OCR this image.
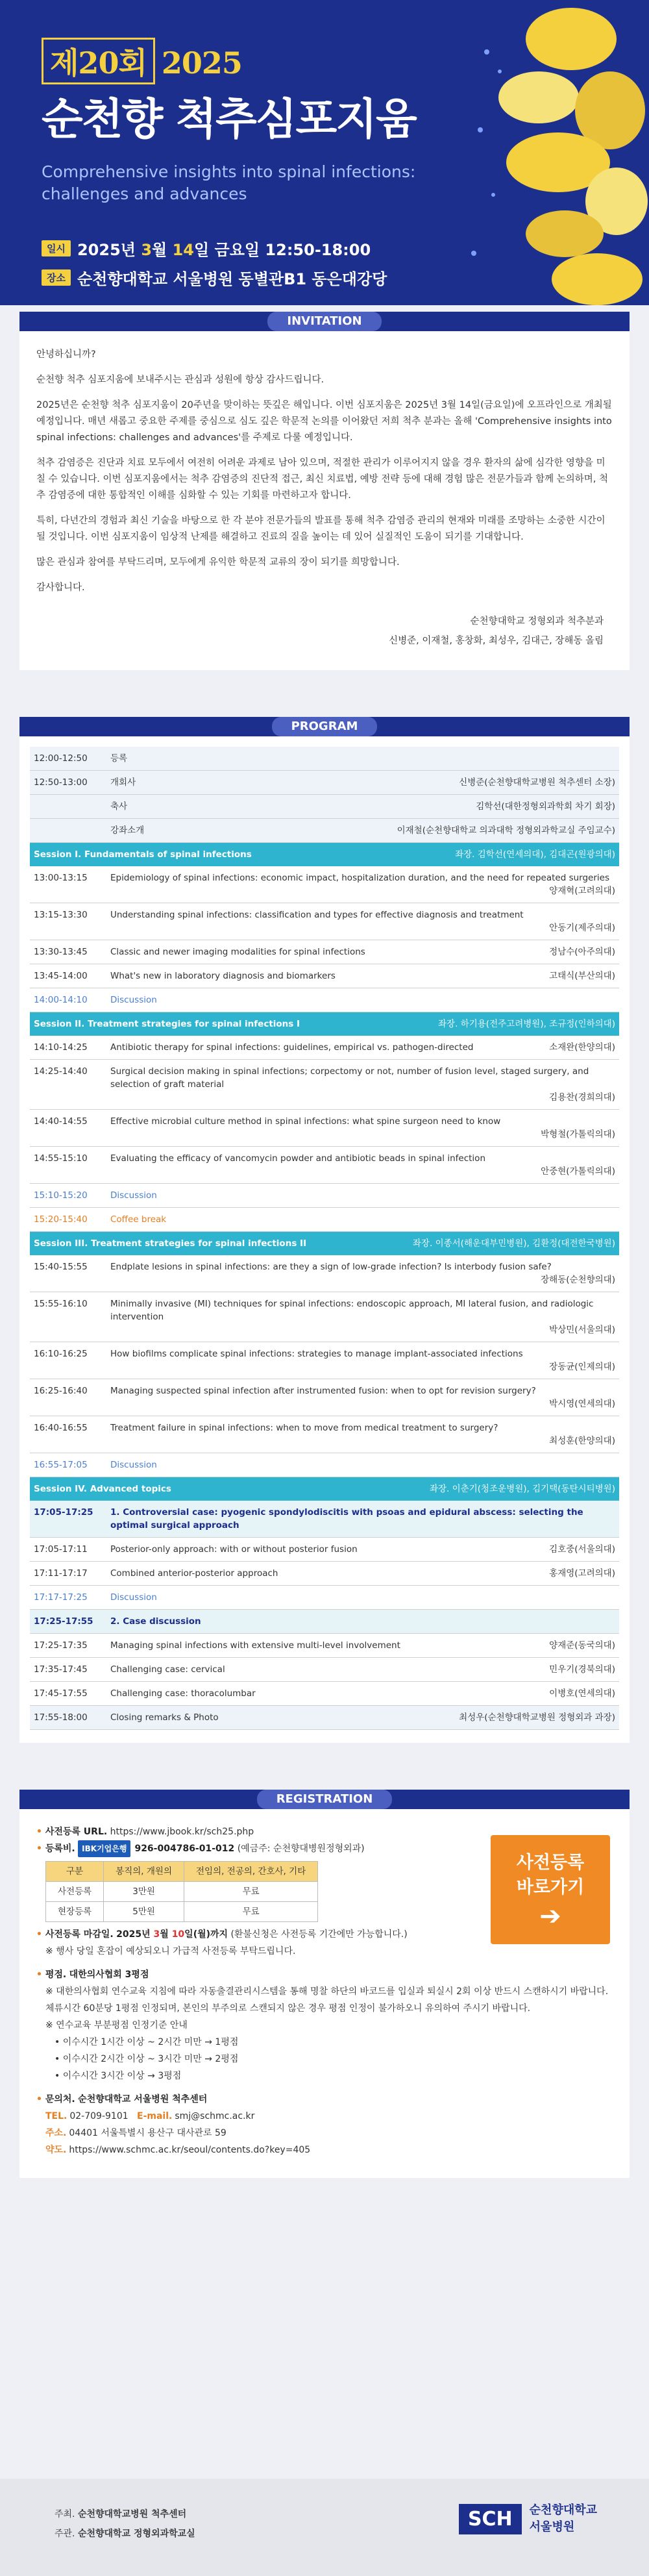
제20회 2025
순천향 척추심포지움
Comprehensive insights into spinal infections:
challenges and advances
일시 2025년 3월 14일 금요일 12:50-18:00
장소 순천향대학교 서울병원 동별관B1 동은대강당
INVITATION

안녕하십니까?

순천향 척추 심포지움에 보내주시는 관심과 성원에 항상 감사드립니다.

2025년은 순천향 척추 심포지움이 20주년을 맞이하는 뜻깊은 해입니다. 이번 심포지움은 2025년 3월 14일(금요일)에 오프라인으로 개최될 예정입니다. 매년 새롭고 중요한 주제를 중심으로 심도 깊은 학문적 논의를 이어왔던 저희 척추 분과는 올해 'Comprehensive insights into spinal infections: challenges and advances'를 주제로 다룰 예정입니다.

척추 감염증은 진단과 치료 모두에서 여전히 어려운 과제로 남아 있으며, 적절한 관리가 이루어지지 않을 경우 환자의 삶에 심각한 영향을 미칠 수 있습니다. 이번 심포지움에서는 척추 감염증의 진단적 접근, 최신 치료법, 예방 전략 등에 대해 경험 많은 전문가들과 함께 논의하며, 척추 감염증에 대한 통합적인 이해를 심화할 수 있는 기회를 마련하고자 합니다.

특히, 다년간의 경험과 최신 기술을 바탕으로 한 각 분야 전문가들의 발표를 통해 척추 감염증 관리의 현재와 미래를 조망하는 소중한 시간이 될 것입니다. 이번 심포지움이 임상적 난제를 해결하고 진료의 질을 높이는 데 있어 실질적인 도움이 되기를 기대합니다.

많은 관심과 참여를 부탁드리며, 모두에게 유익한 학문적 교류의 장이 되기를 희망합니다.

감사합니다.

순천향대학교 정형외과 척추분과
신병준, 이재철, 홍창화, 최성우, 김대근, 장해동 올림
PROGRAM
12:00-12:50	등록
12:50-13:00	개회사	신병준(순천향대학교병원 척추센터 소장)
축사	김학선(대한정형외과학회 차기 회장)
강좌소개	이재철(순천향대학교 의과대학 정형외과학교실 주임교수)
Session I. Fundamentals of spinal infections	좌장. 김학선(연세의대), 김대곤(원광의대)
13:00-13:15	Epidemiology of spinal infections: economic impact, hospitalization duration, and the need for repeated surgeries
양재혁(고려의대)
13:15-13:30	Understanding spinal infections: classification and types for effective diagnosis and treatment
안동기(제주의대)
13:30-13:45	Classic and newer imaging modalities for spinal infections	정남수(아주의대)
13:45-14:00	What's new in laboratory diagnosis and biomarkers	고태식(부산의대)
14:00-14:10	Discussion
Session II. Treatment strategies for spinal infections I	좌장. 하기용(전주고려병원), 조규정(인하의대)
14:10-14:25	Antibiotic therapy for spinal infections: guidelines, empirical vs. pathogen-directed	소재완(한양의대)
14:25-14:40	Surgical decision making in spinal infections; corpectomy or not, number of fusion level, staged surgery, and selection of graft material
김용찬(경희의대)
14:40-14:55	Effective microbial culture method in spinal infections: what spine surgeon need to know
박형철(가톨릭의대)
14:55-15:10	Evaluating the efficacy of vancomycin powder and antibiotic beads in spinal infection
안중현(가톨릭의대)
15:10-15:20	Discussion
15:20-15:40	Coffee break
Session III. Treatment strategies for spinal infections II	좌장. 이종서(해운대부민병원), 김환정(대전한국병원)
15:40-15:55	Endplate lesions in spinal infections: are they a sign of low-grade infection? Is interbody fusion safe?
장해동(순천향의대)
15:55-16:10	Minimally invasive (MI) techniques for spinal infections: endoscopic approach, MI lateral fusion, and radiologic intervention
박상민(서울의대)
16:10-16:25	How biofilms complicate spinal infections: strategies to manage implant-associated infections
장동균(인제의대)
16:25-16:40	Managing suspected spinal infection after instrumented fusion: when to opt for revision surgery?
박시영(연세의대)
16:40-16:55	Treatment failure in spinal infections: when to move from medical treatment to surgery?
최성훈(한양의대)
16:55-17:05	Discussion
Session IV. Advanced topics	좌장. 이춘기(청조운병원), 김기택(동탄시티병원)
17:05-17:25	1. Controversial case: pyogenic spondylodiscitis with psoas and epidural abscess: selecting the optimal surgical approach
17:05-17:11	Posterior-only approach: with or without posterior fusion	김호중(서울의대)
17:11-17:17	Combined anterior-posterior approach	홍재영(고려의대)
17:17-17:25	Discussion
17:25-17:55	2. Case discussion
17:25-17:35	Managing spinal infections with extensive multi-level involvement	양재준(동국의대)
17:35-17:45	Challenging case: cervical	민우기(경북의대)
17:45-17:55	Challenging case: thoracolumbar	이병호(연세의대)
17:55-18:00	Closing remarks & Photo	최성우(순천향대학교병원 정형외과 과장)
REGISTRATION
• 사전등록 URL. https://www.jbook.kr/sch25.php
• 등록비. IBK기업은행 926-004786-01-012 (예금주: 순천향대병원정형외과)
구분	봉직의, 개원의	전임의, 전공의, 간호사, 기타
사전등록	3만원	무료
현장등록	5만원	무료
사전등록
바로가기
➔
• 사전등록 마감일. 2025년 3월 10일(월)까지 (환불신청은 사전등록 기간에만 가능합니다.)
※ 행사 당일 혼잡이 예상되오니 가급적 사전등록 부탁드립니다.
• 평점. 대한의사협회 3평점
※ 대한의사협회 연수교육 지침에 따라 자동출결관리시스템을 통해 명찰 하단의 바코드를 입실과 퇴실시 2회 이상 반드시 스캔하시기 바랍니다. 체류시간 60분당 1평점 인정되며, 본인의 부주의로 스캔되지 않은 경우 평점 인정이 불가하오니 유의하여 주시기 바랍니다.
※ 연수교육 부분평점 인정기준 안내
• 이수시간 1시간 이상 ~ 2시간 미만 → 1평점
• 이수시간 2시간 이상 ~ 3시간 미만 → 2평점
• 이수시간 3시간 이상 → 3평점
• 문의처. 순천향대학교 서울병원 척추센터
TEL. 02-709-9101 E-mail. smj@schmc.ac.kr
주소. 04401 서울특별시 용산구 대사관로 59
약도. https://www.schmc.ac.kr/seoul/contents.do?key=405
주최. 순천향대학교병원 척추센터
주관. 순천향대학교 정형외과학교실
SCH	순천향대학교
서울병원
